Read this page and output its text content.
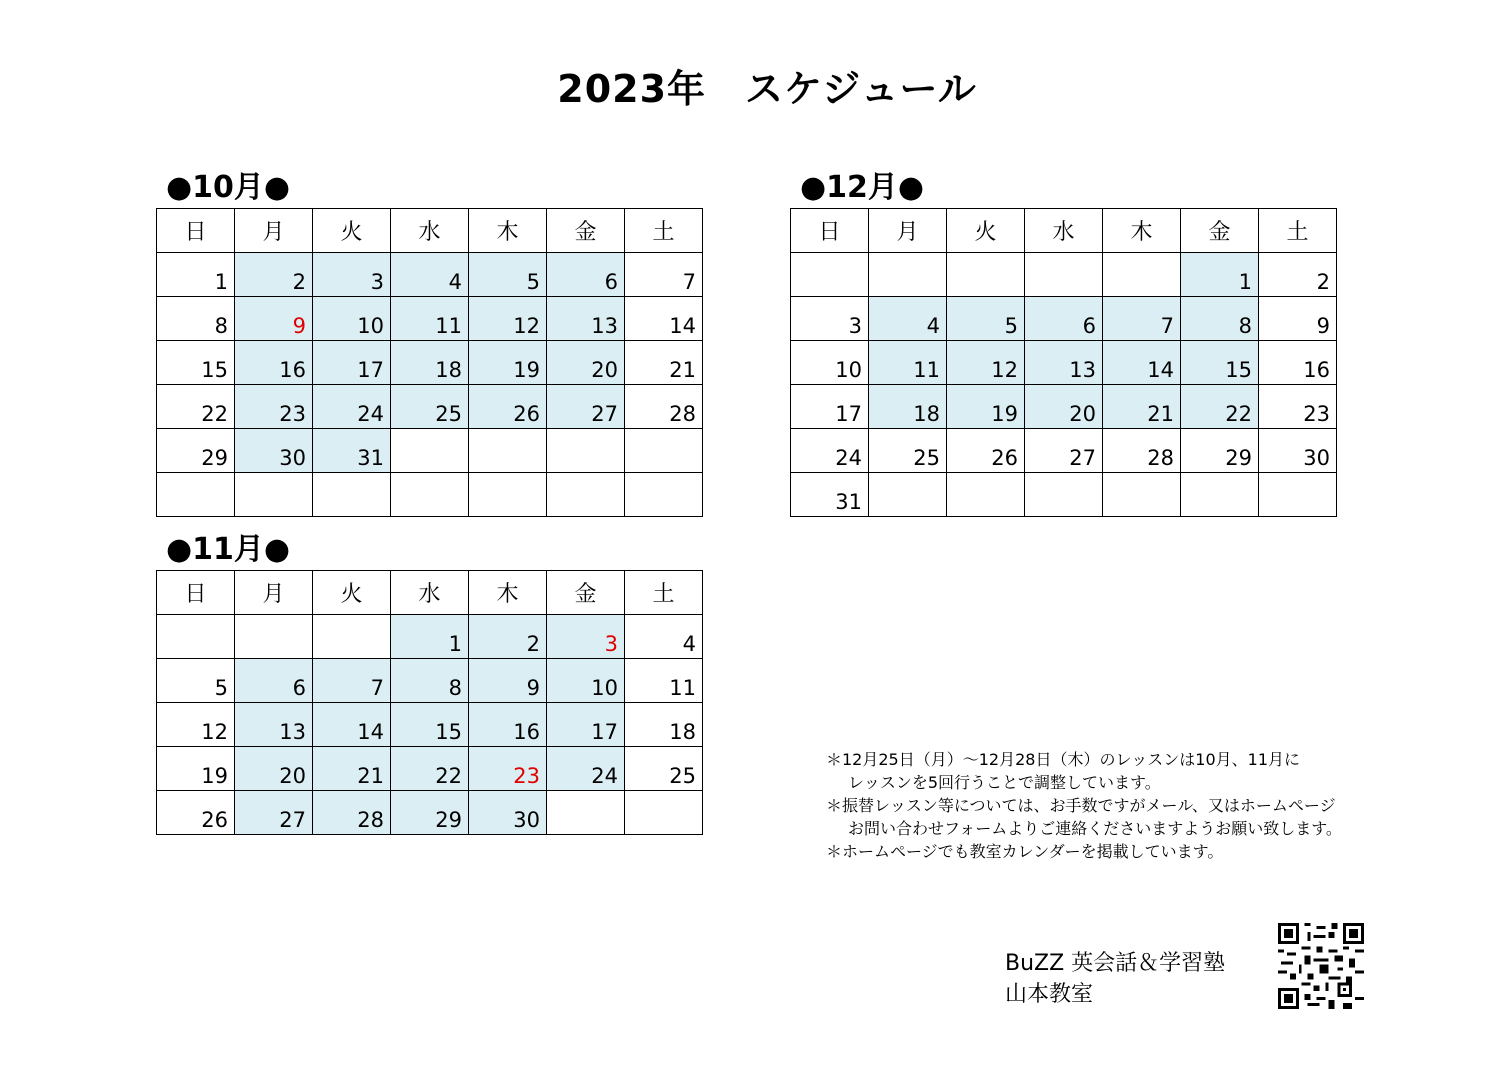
2023年　スケジュール
●10月●
日	月	火	水	木	金	土
1	2	3	4	5	6	7
8	9	10	11	12	13	14
15	16	17	18	19	20	21
22	23	24	25	26	27	28
29	30	31				

●12月●
日	月	火	水	木	金	土
					1	2
3	4	5	6	7	8	9
10	11	12	13	14	15	16
17	18	19	20	21	22	23
24	25	26	27	28	29	30
31						
●11月●
日	月	火	水	木	金	土
			1	2	3	4
5	6	7	8	9	10	11
12	13	14	15	16	17	18
19	20	21	22	23	24	25
26	27	28	29	30		
＊12月25日（月）～12月28日（木）のレッスンは10月、11月に
レッスンを5回行うことで調整しています。
＊振替レッスン等については、お手数ですがメール、又はホームページ
お問い合わせフォームよりご連絡くださいますようお願い致します。
＊ホームページでも教室カレンダーを掲載しています。
BuZZ 英会話＆学習塾
山本教室
